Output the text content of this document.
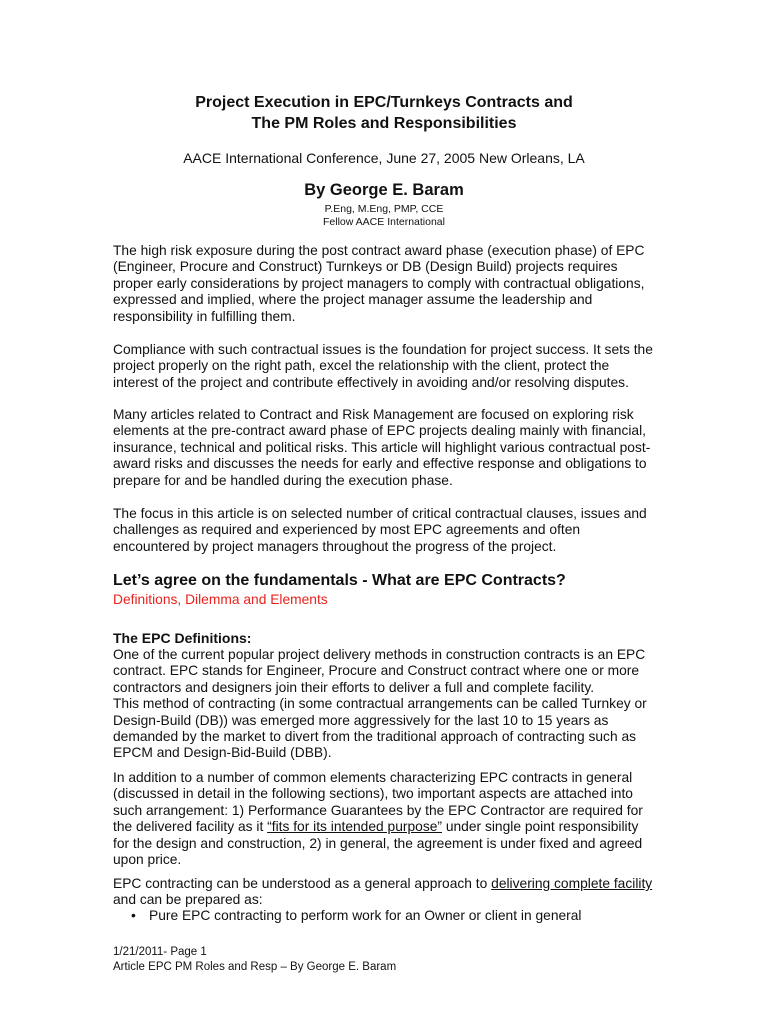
Project Execution in EPC/Turnkeys Contracts and
The PM Roles and Responsibilities
AACE International Conference, June 27, 2005 New Orleans, LA
By George E. Baram
P.Eng, M.Eng, PMP, CCE
Fellow AACE International
The high risk exposure during the post contract award phase (execution phase) of EPC
(Engineer, Procure and Construct) Turnkeys or DB (Design Build) projects requires
proper early considerations by project managers to comply with contractual obligations,
expressed and implied, where the project manager assume the leadership and
responsibility in fulfilling them.
Compliance with such contractual issues is the foundation for project success. It sets the
project properly on the right path, excel the relationship with the client, protect the
interest of the project and contribute effectively in avoiding and/or resolving disputes.
Many articles related to Contract and Risk Management are focused on exploring risk
elements at the pre-contract award phase of EPC projects dealing mainly with financial,
insurance, technical and political risks. This article will highlight various contractual post-
award risks and discusses the needs for early and effective response and obligations to
prepare for and be handled during the execution phase.
The focus in this article is on selected number of critical contractual clauses, issues and
challenges as required and experienced by most EPC agreements and often
encountered by project managers throughout the progress of the project.
Let’s agree on the fundamentals - What are EPC Contracts?
Definitions, Dilemma and Elements
The EPC Definitions:
One of the current popular project delivery methods in construction contracts is an EPC
contract. EPC stands for Engineer, Procure and Construct contract where one or more
contractors and designers join their efforts to deliver a full and complete facility.
This method of contracting (in some contractual arrangements can be called Turnkey or
Design-Build (DB)) was emerged more aggressively for the last 10 to 15 years as
demanded by the market to divert from the traditional approach of contracting such as
EPCM and Design-Bid-Build (DBB).
In addition to a number of common elements characterizing EPC contracts in general
(discussed in detail in the following sections), two important aspects are attached into
such arrangement: 1) Performance Guarantees by the EPC Contractor are required for
the delivered facility as it “fits for its intended purpose” under single point responsibility
for the design and construction, 2) in general, the agreement is under fixed and agreed
upon price.
EPC contracting can be understood as a general approach to delivering complete facility
and can be prepared as:
• Pure EPC contracting to perform work for an Owner or client in general
1/21/2011- Page 1
Article EPC PM Roles and Resp – By George E. Baram
